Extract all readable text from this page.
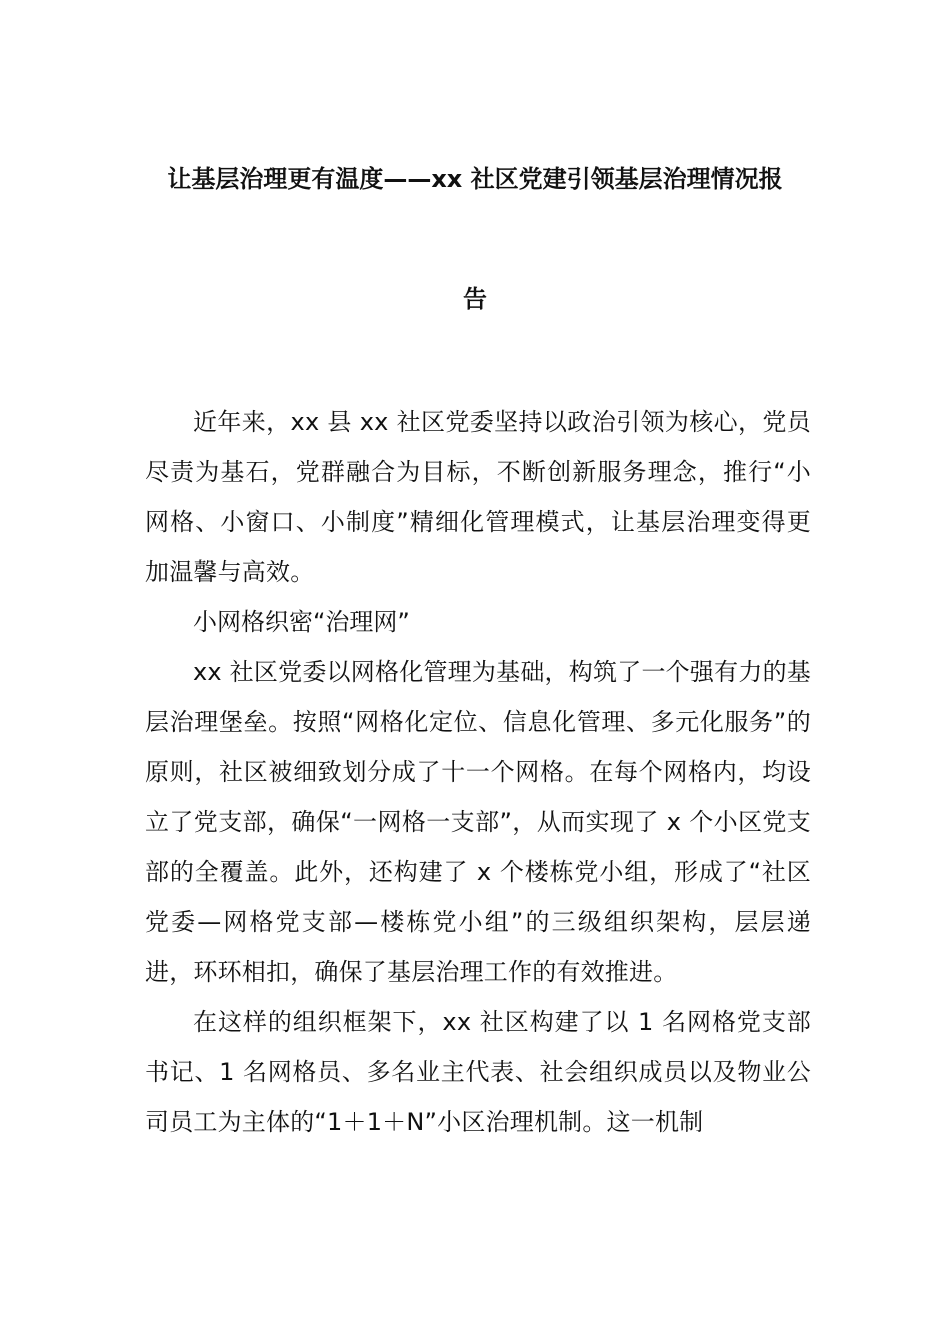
让基层治理更有温度——xx 社区党建引领基层治理情况报
告

近年来，xx 县 xx 社区党委坚持以政治引领为核心，党员尽责为基石，党群融合为目标，不断创新服务理念，推行“小网格、小窗口、小制度”精细化管理模式，让基层治理变得更加温馨与高效。

小网格织密“治理网”

xx 社区党委以网格化管理为基础，构筑了一个强有力的基层治理堡垒。按照“网格化定位、信息化管理、多元化服务”的原则，社区被细致划分成了十一个网格。在每个网格内，均设立了党支部，确保“一网格一支部”，从而实现了 x 个小区党支部的全覆盖。此外，还构建了 x 个楼栋党小组，形成了“社区党委—网格党支部—楼栋党小组”的三级组织架构，层层递进，环环相扣，确保了基层治理工作的有效推进。

在这样的组织框架下，xx 社区构建了以 1 名网格党支部书记、1 名网格员、多名业主代表、社会组织成员以及物业公司员工为主体的“1＋1＋N”小区治理机制。这一机制
